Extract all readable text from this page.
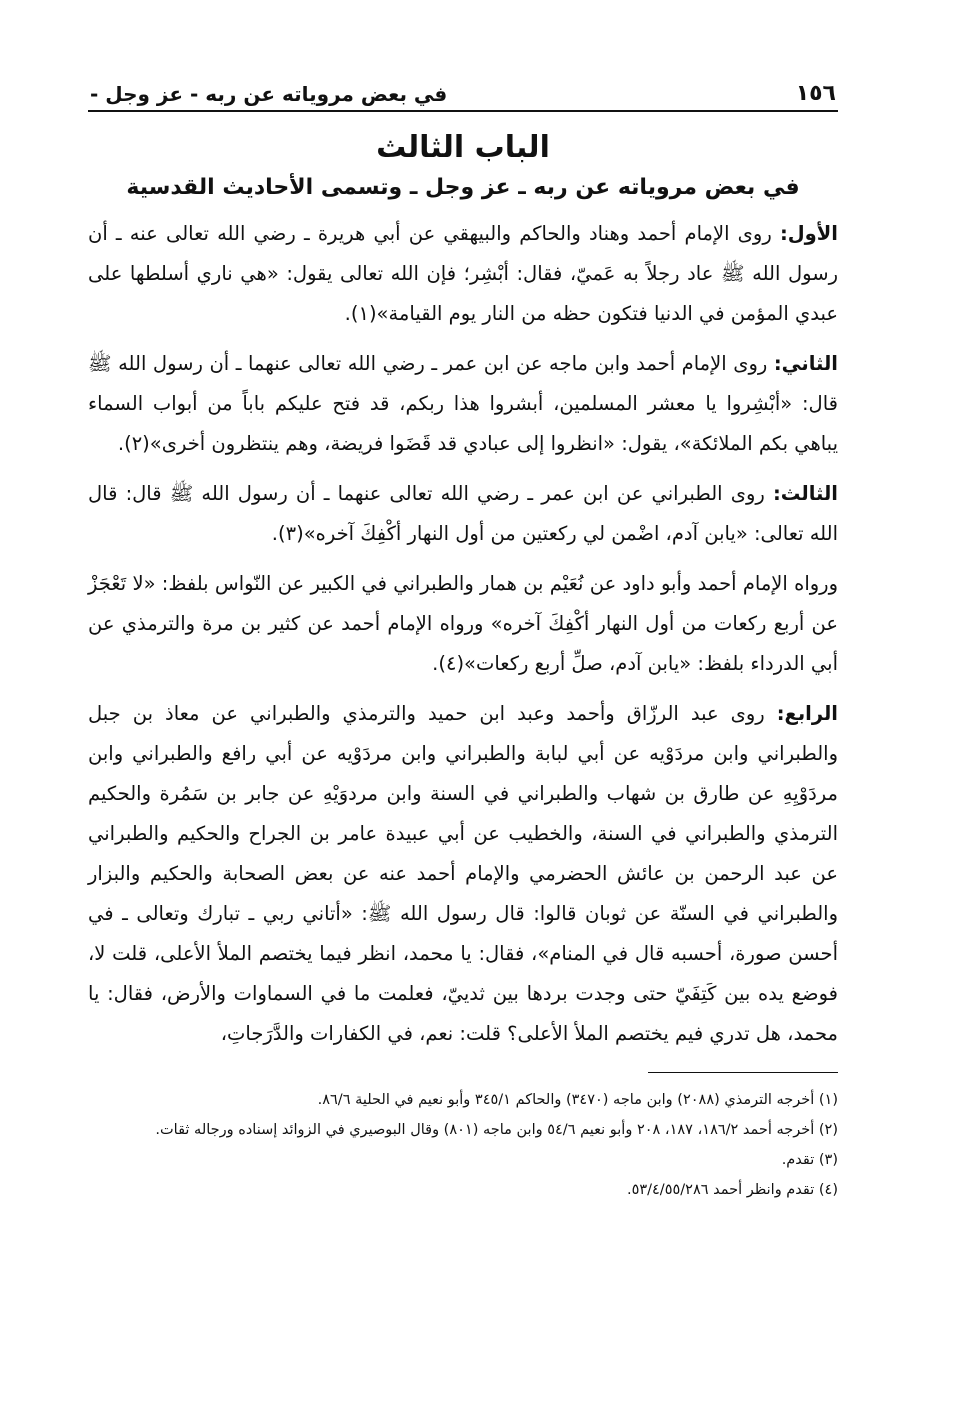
١٥٦
في بعض مروياته عن ربه - عز وجل -
الباب الثالث
في بعض مروياته عن ربه ـ عز وجل ـ وتسمى الأحاديث القدسية

الأول: روى الإمام أحمد وهناد والحاكم والبيهقي عن أبي هريرة ـ رضي الله تعالى عنه ـ أن رسول الله ﷺ عاد رجلاً به عَميّ، فقال: أبْشِر؛ فإن الله تعالى يقول: «هي ناري أسلطها على عبدي المؤمن في الدنيا فتكون حظه من النار يوم القيامة»(١).

الثاني: روى الإمام أحمد وابن ماجه عن ابن عمر ـ رضي الله تعالى عنهما ـ أن رسول الله ﷺ قال: «أبْشِروا يا معشر المسلمين، أبشروا هذا ربكم، قد فتح عليكم باباً من أبواب السماء يباهي بكم الملائكة»، يقول: «انظروا إلى عبادي قد قَضَوا فريضة، وهم ينتظرون أخرى»(٢).

الثالث: روى الطبراني عن ابن عمر ـ رضي الله تعالى عنهما ـ أن رسول الله ﷺ قال: قال الله تعالى: «يابن آدم، اضْمن لي ركعتين من أول النهار أكْفِكَ آخره»(٣).

ورواه الإمام أحمد وأبو داود عن نُعَيْم بن همار والطبراني في الكبير عن النّواس بلفظ: «لا تَعْجَزْ عن أربع ركعات من أول النهار أكْفِكَ آخره» ورواه الإمام أحمد عن كثير بن مرة والترمذي عن أبي الدرداء بلفظ: «يابن آدم، صلِّ أربع ركعات»(٤).

الرابع: روى عبد الرزّاق وأحمد وعبد ابن حميد والترمذي والطبراني عن معاذ بن جبل والطبراني وابن مردَوْيه عن أبي لبابة والطبراني وابن مردَوْيه عن أبي رافع والطبراني وابن مردَوْيِهِ عن طارق بن شهاب والطبراني في السنة وابن مردوَيْهِ عن جابر بن سَمُرة والحكيم الترمذي والطبراني في السنة، والخطيب عن أبي عبيدة عامر بن الجراح والحكيم والطبراني عن عبد الرحمن بن عائش الحضرمي والإمام أحمد عنه عن بعض الصحابة والحكيم والبزار والطبراني في السنّة عن ثوبان قالوا: قال رسول الله ﷺ: «أتاني ربي ـ تبارك وتعالى ـ في أحسن صورة، أحسبه قال في المنام»، فقال: يا محمد، انظر فيما يختصم الملأ الأعلى، قلت لا، فوضع يده بين كَتِفَيّ حتى وجدت بردها بين ثدييّ، فعلمت ما في السماوات والأرض، فقال: يا محمد، هل تدري فيم يختصم الملأ الأعلى؟ قلت: نعم، في الكفارات والدَّرَجاتِ،

(١) أخرجه الترمذي (٢٠٨٨) وابن ماجه (٣٤٧٠) والحاكم ٣٤٥/١ وأبو نعيم في الحلية ٨٦/٦.
(٢) أخرجه أحمد ١٨٦/٢، ١٨٧، ٢٠٨ وأبو نعيم ٥٤/٦ وابن ماجه (٨٠١) وقال البوصيري في الزوائد إسناده ورجاله ثقات.
(٣) تقدم.
(٤) تقدم وانظر أحمد ٥٣/٤/٥٥/٢٨٦.
